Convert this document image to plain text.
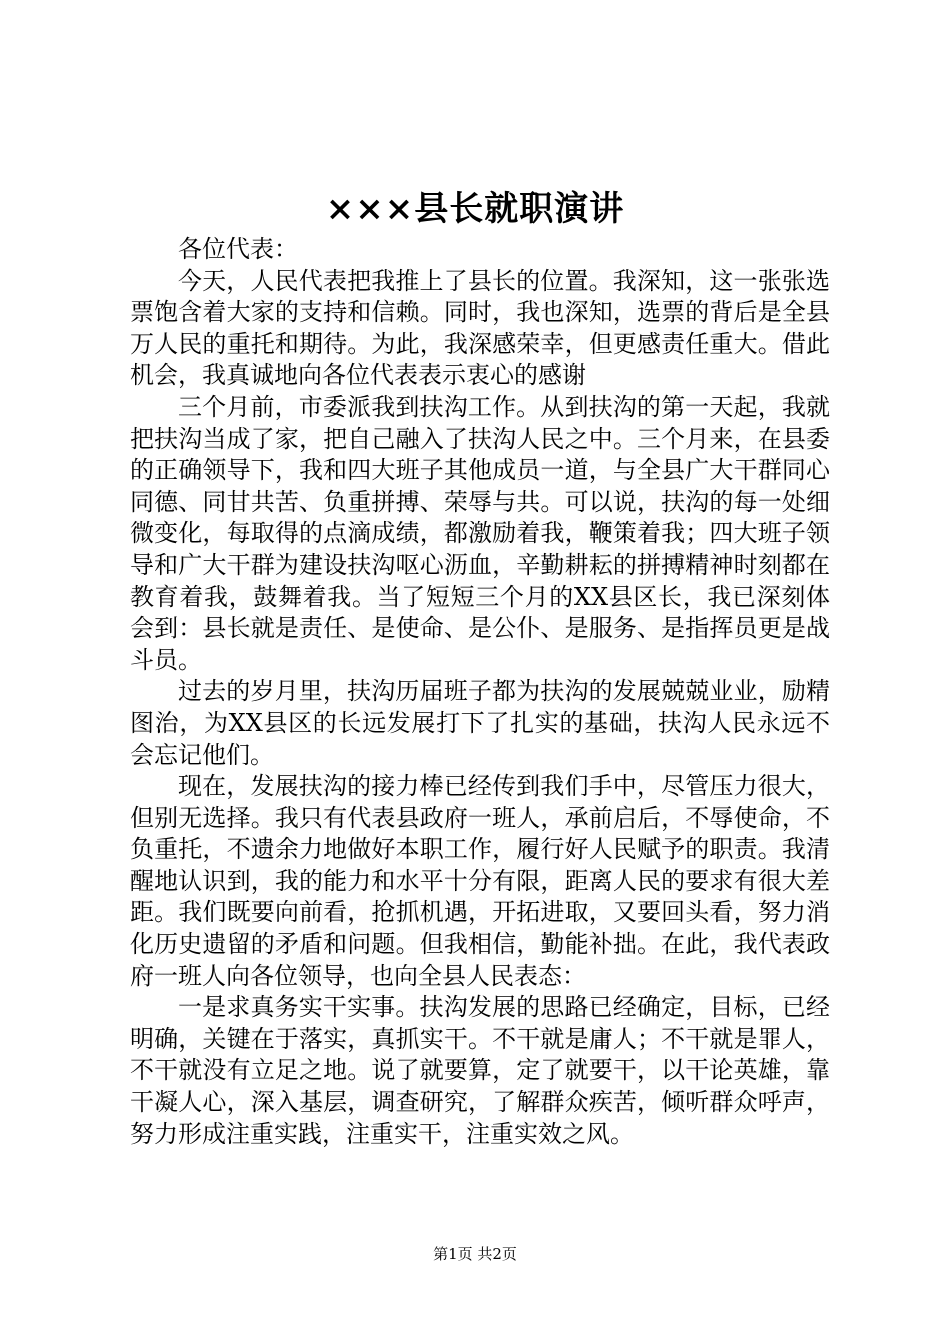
×××县长就职演讲

各位代表：

今天，人民代表把我推上了县长的位置。我深知，这一张张选票饱含着大家的支持和信赖。同时，我也深知，选票的背后是全县万人民的重托和期待。为此，我深感荣幸，但更感责任重大。借此机会，我真诚地向各位代表表示衷心的感谢

三个月前，市委派我到扶沟工作。从到扶沟的第一天起，我就把扶沟当成了家，把自己融入了扶沟人民之中。三个月来，在县委的正确领导下，我和四大班子其他成员一道，与全县广大干群同心同德、同甘共苦、负重拼搏、荣辱与共。可以说，扶沟的每一处细微变化，每取得的点滴成绩，都激励着我，鞭策着我；四大班子领导和广大干群为建设扶沟呕心沥血，辛勤耕耘的拼搏精神时刻都在教育着我，鼓舞着我。当了短短三个月的XX县区长，我已深刻体会到：县长就是责任、是使命、是公仆、是服务、是指挥员更是战斗员。

过去的岁月里，扶沟历届班子都为扶沟的发展兢兢业业，励精图治，为XX县区的长远发展打下了扎实的基础，扶沟人民永远不会忘记他们。

现在，发展扶沟的接力棒已经传到我们手中，尽管压力很大，但别无选择。我只有代表县政府一班人，承前启后，不辱使命，不负重托，不遗余力地做好本职工作，履行好人民赋予的职责。我清醒地认识到，我的能力和水平十分有限，距离人民的要求有很大差距。我们既要向前看，抢抓机遇，开拓进取，又要回头看，努力消化历史遗留的矛盾和问题。但我相信，勤能补拙。在此，我代表政府一班人向各位领导，也向全县人民表态：

一是求真务实干实事。扶沟发展的思路已经确定，目标，已经明确，关键在于落实，真抓实干。不干就是庸人；不干就是罪人，不干就没有立足之地。说了就要算，定了就要干，以干论英雄，靠干凝人心，深入基层，调查研究，了解群众疾苦，倾听群众呼声，努力形成注重实践，注重实干，注重实效之风。

第1页 共2页
